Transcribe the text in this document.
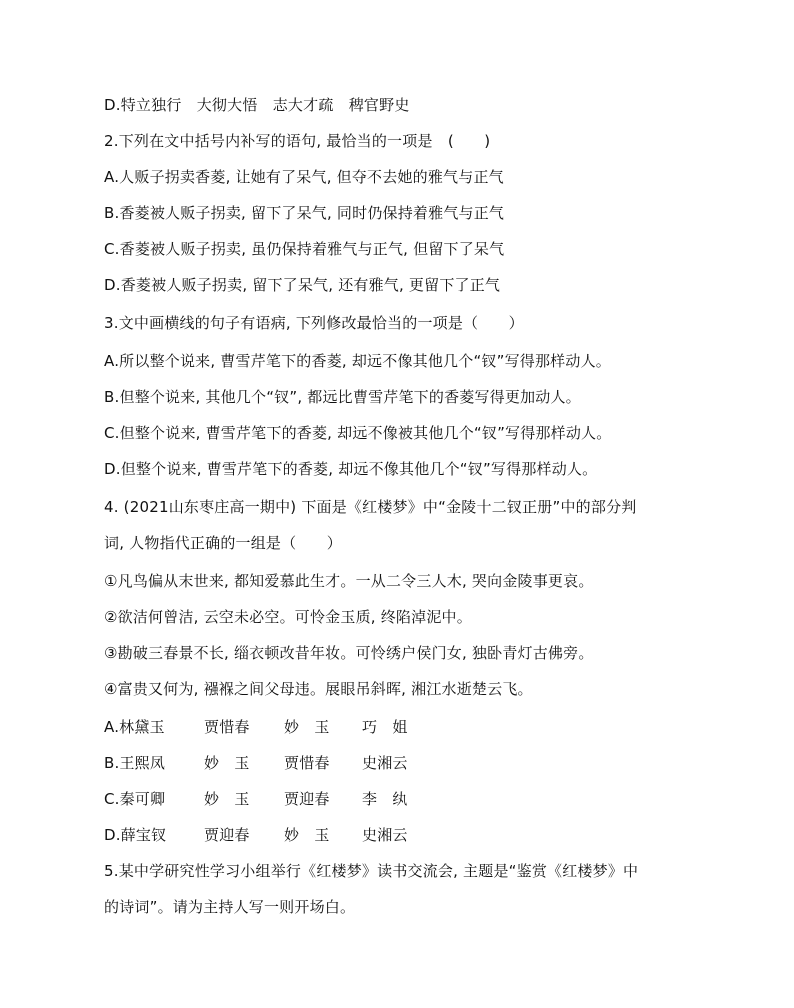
D.特立独行　大彻大悟　志大才疏　稗官野史
2.下列在文中括号内补写的语句, 最恰当的一项是　(　　)
A.人贩子拐卖香菱, 让她有了呆气, 但夺不去她的雅气与正气
B.香菱被人贩子拐卖, 留下了呆气, 同时仍保持着雅气与正气
C.香菱被人贩子拐卖, 虽仍保持着雅气与正气, 但留下了呆气
D.香菱被人贩子拐卖, 留下了呆气, 还有雅气, 更留下了正气
3.文中画横线的句子有语病, 下列修改最恰当的一项是（　　）
A.所以整个说来, 曹雪芹笔下的香菱, 却远不像其他几个“钗”写得那样动人。
B.但整个说来, 其他几个“钗”, 都远比曹雪芹笔下的香菱写得更加动人。
C.但整个说来, 曹雪芹笔下的香菱, 却远不像被其他几个“钗”写得那样动人。
D.但整个说来, 曹雪芹笔下的香菱, 却远不像其他几个“钗”写得那样动人。
4. (2021山东枣庄高一期中) 下面是《红楼梦》中“金陵十二钗正册”中的部分判
词, 人物指代正确的一组是（　　）
①凡鸟偏从末世来, 都知爱慕此生才。一从二令三人木, 哭向金陵事更哀。
②欲洁何曾洁, 云空未必空。可怜金玉质, 终陷淖泥中。
③勘破三春景不长, 缁衣顿改昔年妆。可怜绣户侯门女, 独卧青灯古佛旁。
④富贵又何为, 襁褓之间父母违。展眼吊斜晖, 湘江水逝楚云飞。
A.林黛玉	贾惜春	妙　玉	巧　姐
B.王熙凤	妙　玉	贾惜春	史湘云
C.秦可卿	妙　玉	贾迎春	李　纨
D.薛宝钗	贾迎春	妙　玉	史湘云
5.某中学研究性学习小组举行《红楼梦》读书交流会, 主题是“鉴赏《红楼梦》中
的诗词”。请为主持人写一则开场白。
